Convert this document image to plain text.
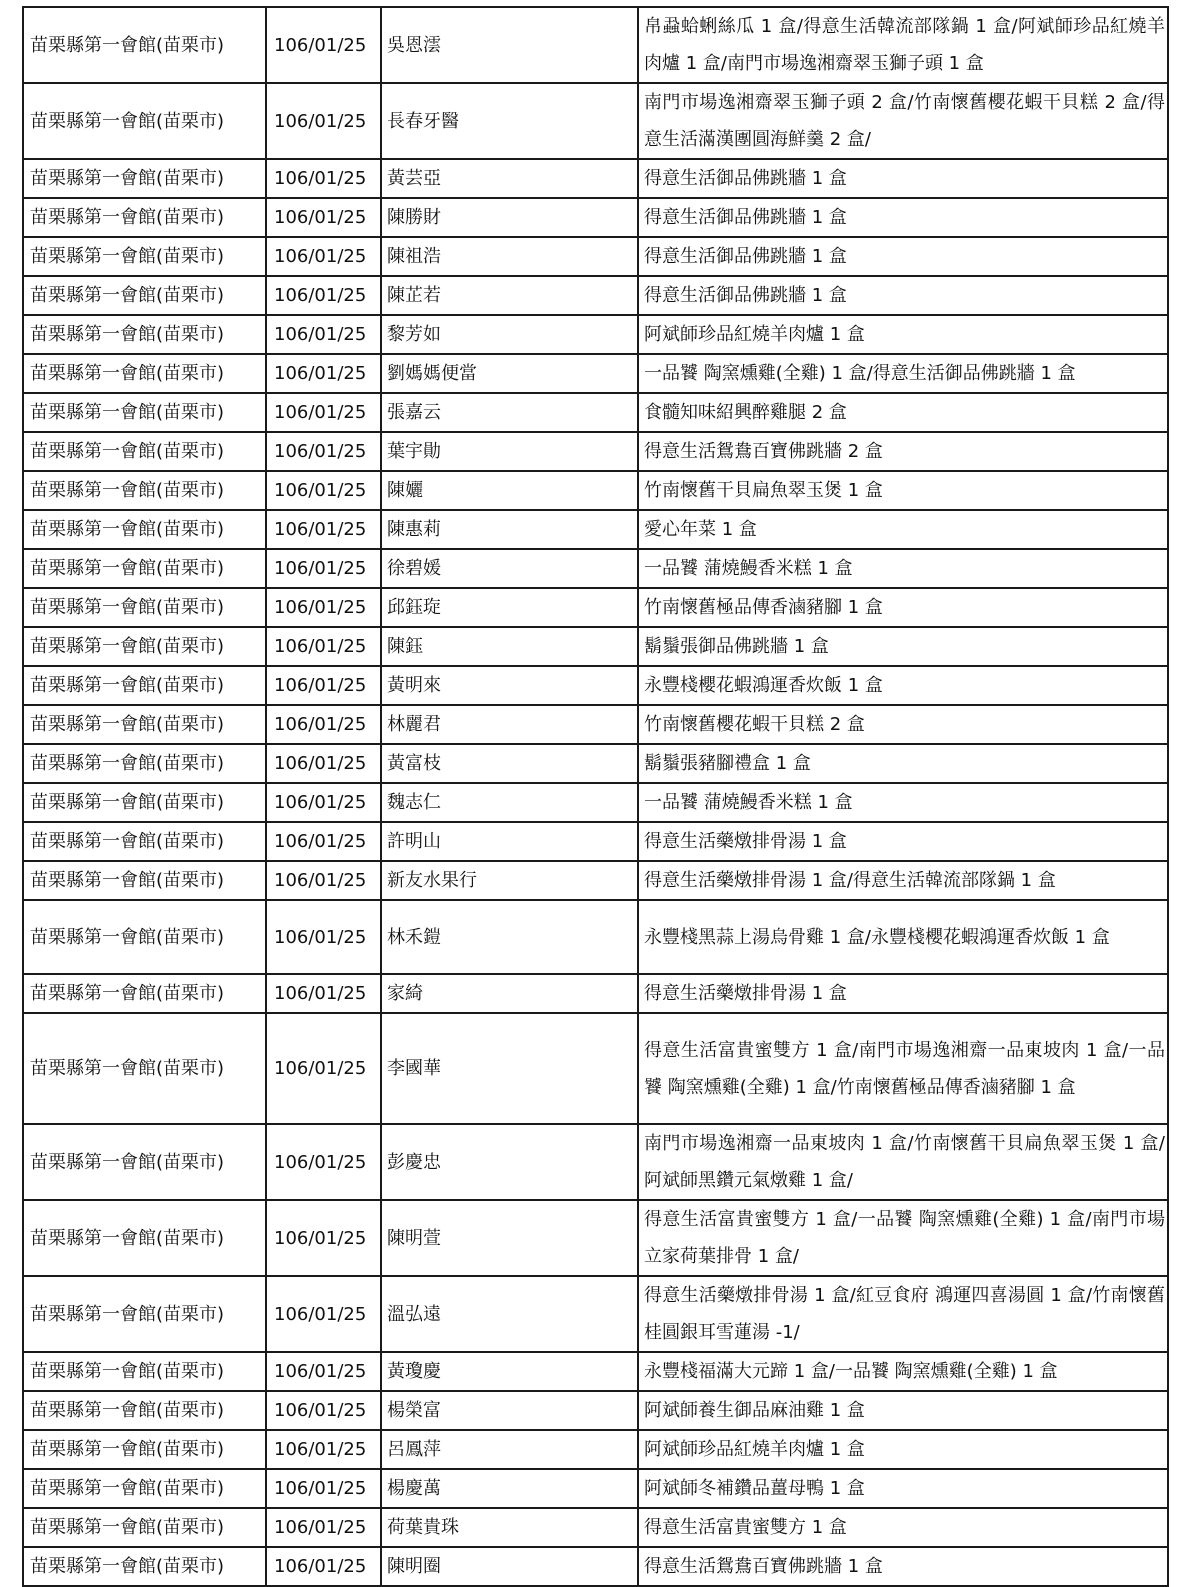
苗栗縣第一會館(苗栗市)	106/01/25	吳恩澐	帛蝨蛤蜊絲瓜 1 盒/得意生活韓流部隊鍋 1 盒/阿斌師珍品紅燒羊肉爐 1 盒/南門市場逸湘齋翠玉獅子頭 1 盒
苗栗縣第一會館(苗栗市)	106/01/25	長春牙醫	南門市場逸湘齋翠玉獅子頭 2 盒/竹南懷舊櫻花蝦干貝糕 2 盒/得意生活滿漢團圓海鮮羹 2 盒/
苗栗縣第一會館(苗栗市)	106/01/25	黃芸亞	得意生活御品佛跳牆 1 盒
苗栗縣第一會館(苗栗市)	106/01/25	陳勝財	得意生活御品佛跳牆 1 盒
苗栗縣第一會館(苗栗市)	106/01/25	陳祖浩	得意生活御品佛跳牆 1 盒
苗栗縣第一會館(苗栗市)	106/01/25	陳芷若	得意生活御品佛跳牆 1 盒
苗栗縣第一會館(苗栗市)	106/01/25	黎芳如	阿斌師珍品紅燒羊肉爐 1 盒
苗栗縣第一會館(苗栗市)	106/01/25	劉媽媽便當	一品饕 陶窯燻雞(全雞) 1 盒/得意生活御品佛跳牆 1 盒
苗栗縣第一會館(苗栗市)	106/01/25	張嘉云	食髓知味紹興醉雞腿 2 盒
苗栗縣第一會館(苗栗市)	106/01/25	葉宇勛	得意生活鴛鴦百寶佛跳牆 2 盒
苗栗縣第一會館(苗栗市)	106/01/25	陳孋	竹南懷舊干貝扁魚翠玉煲 1 盒
苗栗縣第一會館(苗栗市)	106/01/25	陳惠莉	愛心年菜 1 盒
苗栗縣第一會館(苗栗市)	106/01/25	徐碧媛	一品饕 蒲燒鰻香米糕 1 盒
苗栗縣第一會館(苗栗市)	106/01/25	邱鈺琁	竹南懷舊極品傳香滷豬腳 1 盒
苗栗縣第一會館(苗栗市)	106/01/25	陳鈺	鬍鬚張御品佛跳牆 1 盒
苗栗縣第一會館(苗栗市)	106/01/25	黃明來	永豐棧櫻花蝦鴻運香炊飯 1 盒
苗栗縣第一會館(苗栗市)	106/01/25	林麗君	竹南懷舊櫻花蝦干貝糕 2 盒
苗栗縣第一會館(苗栗市)	106/01/25	黃富枝	鬍鬚張豬腳禮盒 1 盒
苗栗縣第一會館(苗栗市)	106/01/25	魏志仁	一品饕 蒲燒鰻香米糕 1 盒
苗栗縣第一會館(苗栗市)	106/01/25	許明山	得意生活藥燉排骨湯 1 盒
苗栗縣第一會館(苗栗市)	106/01/25	新友水果行	得意生活藥燉排骨湯 1 盒/得意生活韓流部隊鍋 1 盒
苗栗縣第一會館(苗栗市)	106/01/25	林禾鎧	永豐棧黑蒜上湯烏骨雞 1 盒/永豐棧櫻花蝦鴻運香炊飯 1 盒
苗栗縣第一會館(苗栗市)	106/01/25	家綺	得意生活藥燉排骨湯 1 盒
苗栗縣第一會館(苗栗市)	106/01/25	李國華	得意生活富貴蜜雙方 1 盒/南門市場逸湘齋一品東坡肉 1 盒/一品饕 陶窯燻雞(全雞) 1 盒/竹南懷舊極品傳香滷豬腳 1 盒
苗栗縣第一會館(苗栗市)	106/01/25	彭慶忠	南門市場逸湘齋一品東坡肉 1 盒/竹南懷舊干貝扁魚翠玉煲 1 盒/阿斌師黑鑽元氣燉雞 1 盒/
苗栗縣第一會館(苗栗市)	106/01/25	陳明萱	得意生活富貴蜜雙方 1 盒/一品饕 陶窯燻雞(全雞) 1 盒/南門市場立家荷葉排骨 1 盒/
苗栗縣第一會館(苗栗市)	106/01/25	溫弘遠	得意生活藥燉排骨湯 1 盒/紅豆食府 鴻運四喜湯圓 1 盒/竹南懷舊桂圓銀耳雪蓮湯 -1/
苗栗縣第一會館(苗栗市)	106/01/25	黃瓊慶	永豐棧福滿大元蹄 1 盒/一品饕 陶窯燻雞(全雞) 1 盒
苗栗縣第一會館(苗栗市)	106/01/25	楊榮富	阿斌師養生御品麻油雞 1 盒
苗栗縣第一會館(苗栗市)	106/01/25	呂鳳萍	阿斌師珍品紅燒羊肉爐 1 盒
苗栗縣第一會館(苗栗市)	106/01/25	楊慶萬	阿斌師冬補鑽品薑母鴨 1 盒
苗栗縣第一會館(苗栗市)	106/01/25	荷葉貴珠	得意生活富貴蜜雙方 1 盒
苗栗縣第一會館(苗栗市)	106/01/25	陳明圈	得意生活鴛鴦百寶佛跳牆 1 盒
